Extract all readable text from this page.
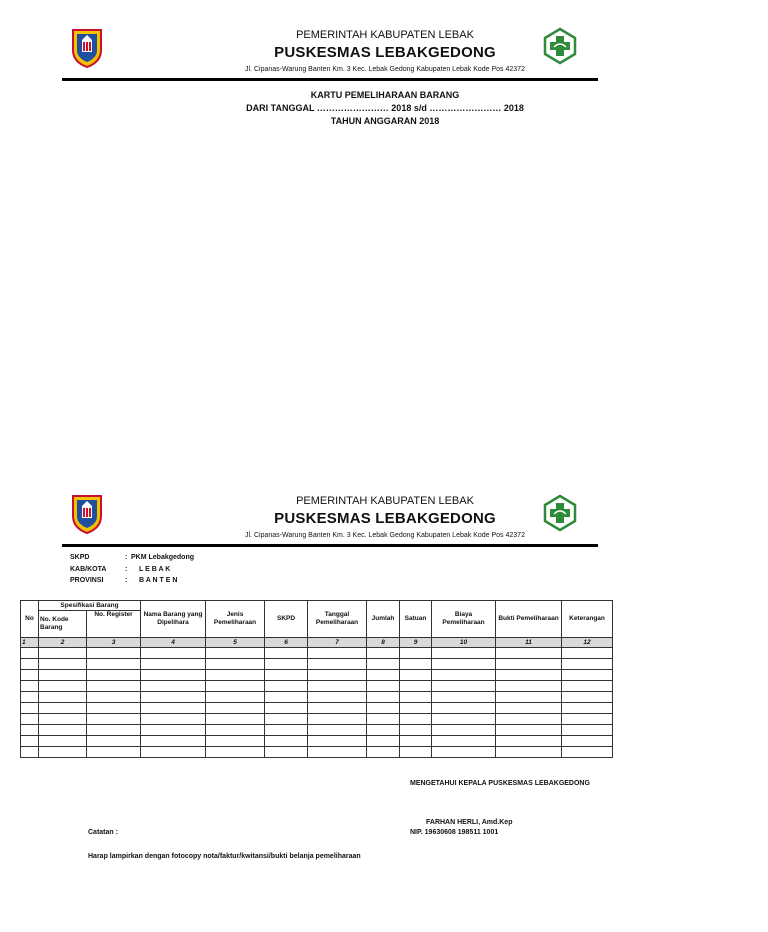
PEMERINTAH KABUPATEN LEBAK
PUSKESMAS LEBAKGEDONG
Jl. Cipanas-Warung Banten Km. 3 Kec. Lebak Gedong Kabupaten Lebak Kode Pos 42372
KARTU PEMELIHARAAN BARANG
DARI TANGGAL …………………… 2018 s/d …………………… 2018
TAHUN ANGGARAN 2018
PEMERINTAH KABUPATEN LEBAK
PUSKESMAS LEBAKGEDONG
Jl. Cipanas-Warung Banten Km. 3 Kec. Lebak Gedong Kabupaten Lebak Kode Pos 42372
SKPD	: PKM Lebakgedong
KAB/KOTA	: L E B A K
PROVINSI	: B A N T E N
No	Spesifikasi Barang		Nama Barang yang Dipelihara	Jenis Pemeliharaan	SKPD	Tanggal Pemeliharaan	Jumlah	Satuan	Biaya Pemeliharaan	Bukti Pemeliharaan	Keterangan
	No. Kode Barang	No. Register									
1	2	3	4	5	6	7	8	9	10	11	12

MENGETAHUI KEPALA PUSKESMAS LEBAKGEDONG
FARHAN HERLI, Amd.Kep
NIP. 19630608 198511 1001
Catatan :
Harap lampirkan dengan fotocopy nota/faktur/kwitansi/bukti belanja pemeliharaan
